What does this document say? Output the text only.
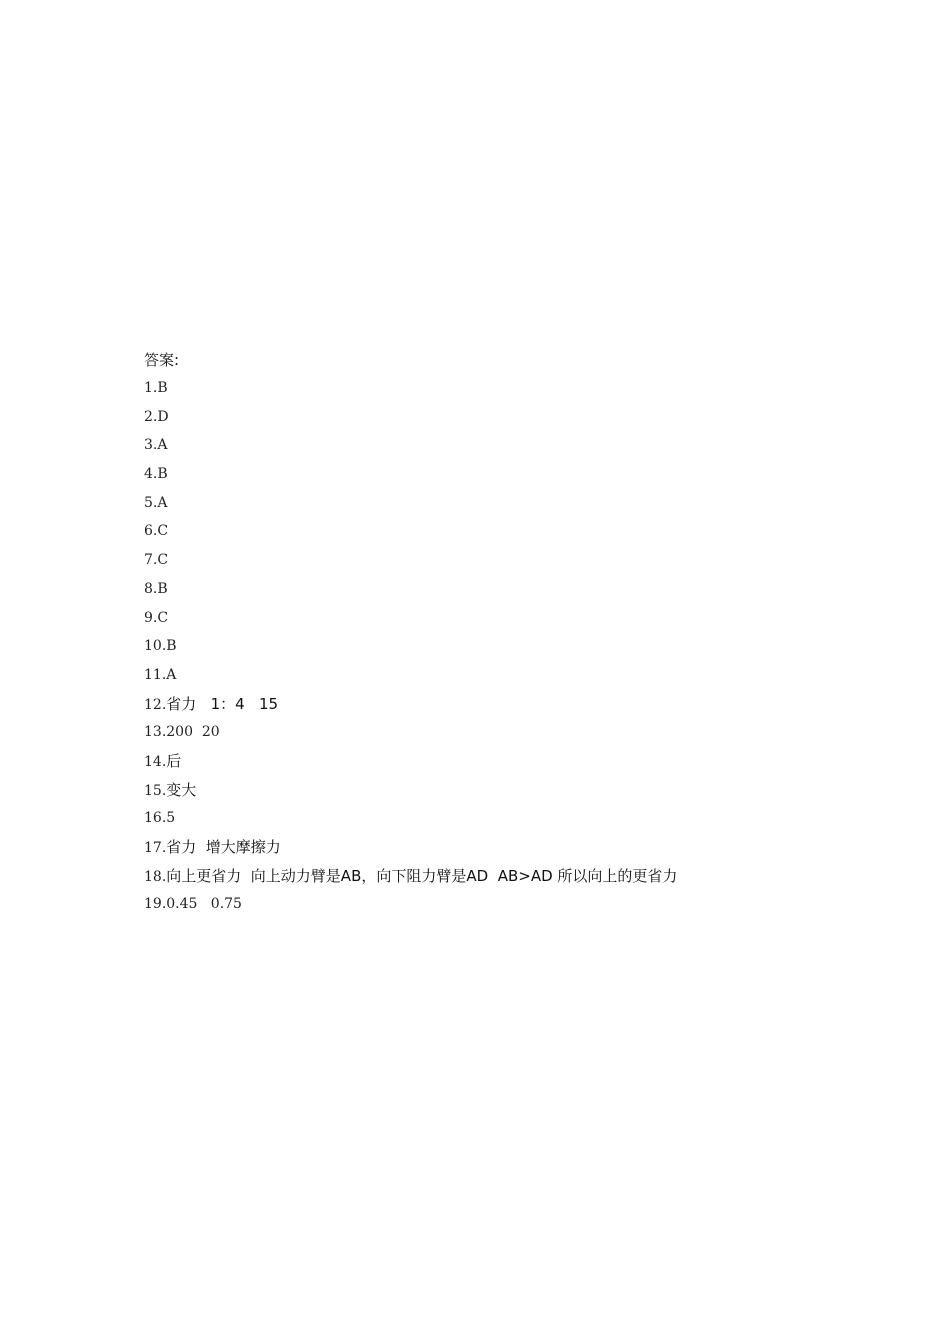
答案:
1.B
2.D
3.A
4.B
5.A
6.C
7.C
8.B
9.C
10.B
11.A
12.省力   1：4   15
13.200  20
14.后
15.变大
16.5
17.省力  增大摩擦力
18.向上更省力  向上动力臂是AB，向下阻力臂是AD  AB>AD 所以向上的更省力
19.0.45   0.75
